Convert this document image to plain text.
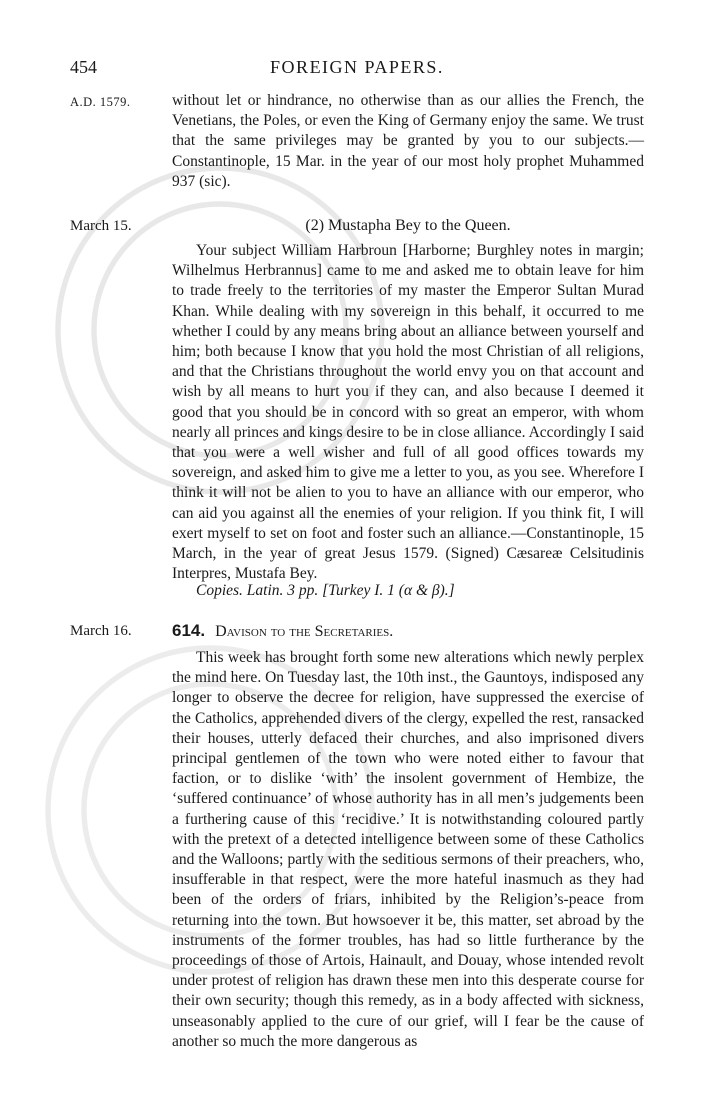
454	FOREIGN PAPERS.
A.D. 1579.	without let or hindrance, no otherwise than as our allies the French, the Venetians, the Poles, or even the King of Germany enjoy the same. We trust that the same privileges may be granted by you to our subjects.—Constantinople, 15 Mar. in the year of our most holy prophet Muhammed 937 (sic).

March 15.	(2) Mustapha Bey to the Queen.

Your subject William Harbroun [Harborne; Burghley notes in margin; Wilhelmus Herbrannus] came to me and asked me to obtain leave for him to trade freely to the territories of my master the Emperor Sultan Murad Khan. While dealing with my sovereign in this behalf, it occurred to me whether I could by any means bring about an alliance between yourself and him; both because I know that you hold the most Christian of all religions, and that the Christians throughout the world envy you on that account and wish by all means to hurt you if they can, and also because I deemed it good that you should be in concord with so great an emperor, with whom nearly all princes and kings desire to be in close alliance. Accordingly I said that you were a well wisher and full of all good offices towards my sovereign, and asked him to give me a letter to you, as you see. Wherefore I think it will not be alien to you to have an alliance with our emperor, who can aid you against all the enemies of your religion. If you think fit, I will exert myself to set on foot and foster such an alliance.—Constantinople, 15 March, in the year of great Jesus 1579. (Signed) Cæsareæ Celsitudinis Interpres, Mustafa Bey.

Copies. Latin. 3 pp. [Turkey I. 1 (α & β).]
March 16. 614. Davison to the Secretaries.

This week has brought forth some new alterations which newly perplex the mind here. On Tuesday last, the 10th inst., the Gauntoys, indisposed any longer to observe the decree for religion, have suppressed the exercise of the Catholics, apprehended divers of the clergy, expelled the rest, ransacked their houses, utterly defaced their churches, and also imprisoned divers principal gentlemen of the town who were noted either to favour that faction, or to dislike ‘with’ the insolent government of Hembize, the ‘suffered continuance’ of whose authority has in all men’s judgements been a furthering cause of this ‘recidive.’ It is notwithstanding coloured partly with the pretext of a detected intelligence between some of these Catholics and the Walloons; partly with the seditious sermons of their preachers, who, insufferable in that respect, were the more hateful inasmuch as they had been of the orders of friars, inhibited by the Religion’s-peace from returning into the town. But howsoever it be, this matter, set abroad by the instruments of the former troubles, has had so little furtherance by the proceedings of those of Artois, Hainault, and Douay, whose intended revolt under protest of religion has drawn these men into this desperate course for their own security; though this remedy, as in a body affected with sickness, unseasonably applied to the cure of our grief, will I fear be the cause of another so much the more dangerous as
